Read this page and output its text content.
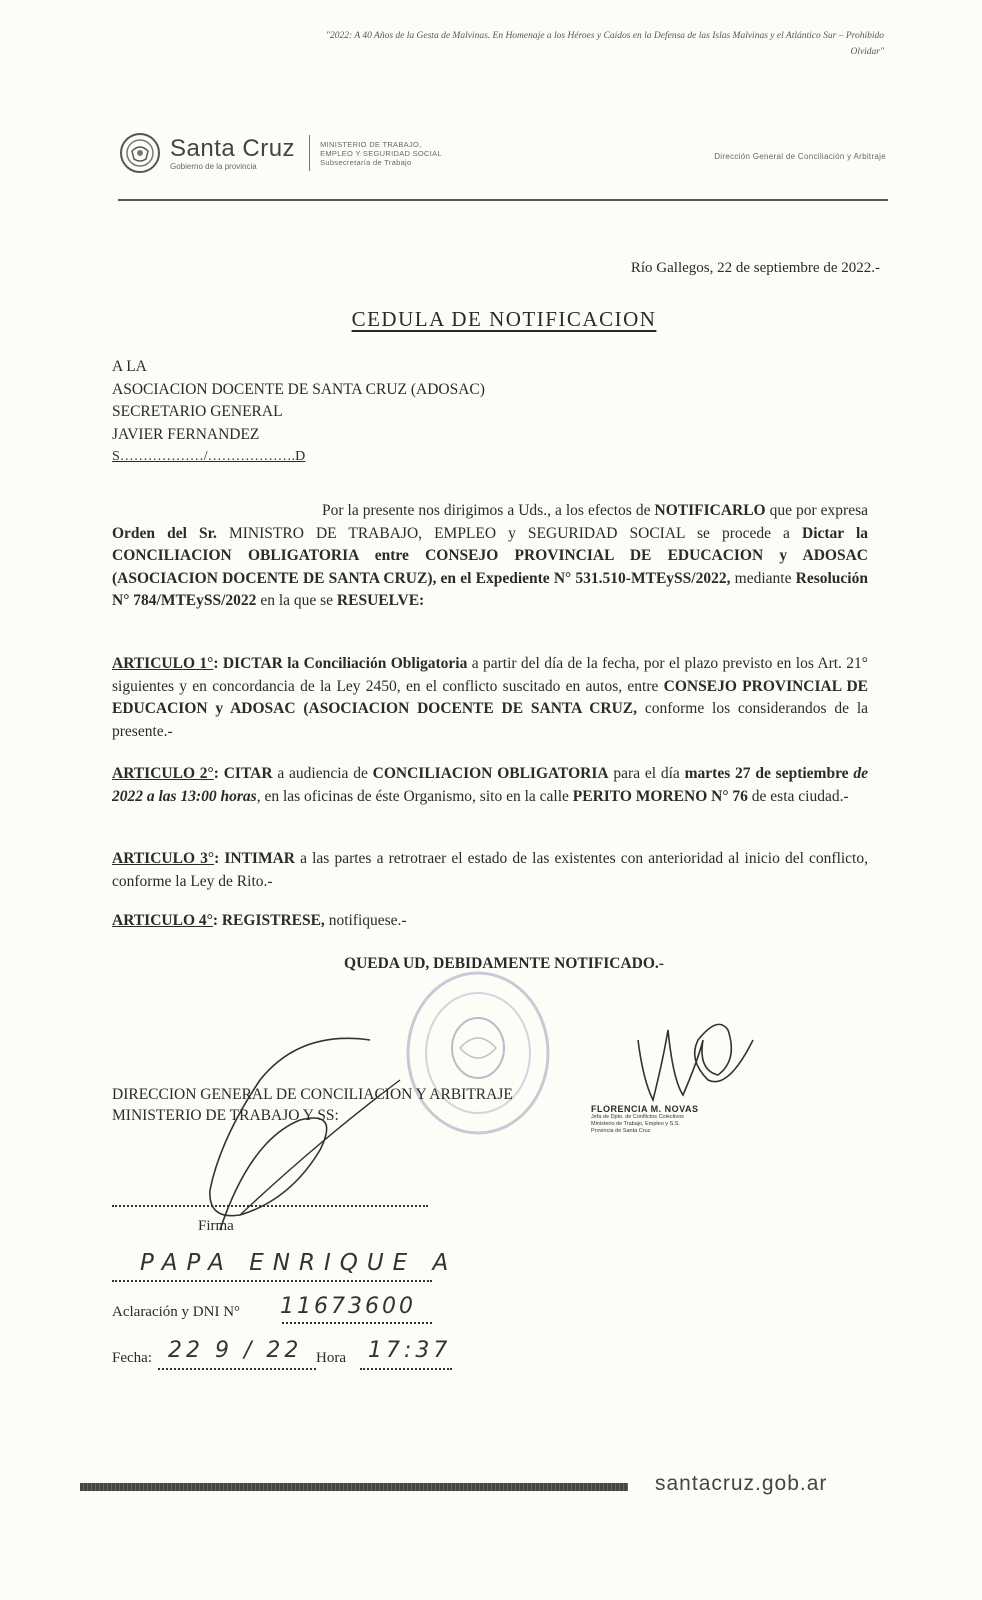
"2022: A 40 Años de la Gesta de Malvinas. En Homenaje a los Héroes y Caídos en la Defensa de las Islas Malvinas y el Atlántico Sur – Prohibido Olvidar"
Santa Cruz
Gobierno de la provincia
MINISTERIO DE TRABAJO,
EMPLEO Y SEGURIDAD SOCIAL
Subsecretaría de Trabajo
Dirección General de Conciliación y Arbitraje
Río Gallegos, 22 de septiembre de 2022.-
CEDULA DE NOTIFICACION
A LA
ASOCIACION DOCENTE DE SANTA CRUZ (ADOSAC)
SECRETARIO GENERAL
JAVIER FERNANDEZ
S………………/……………….D
Por la presente nos dirigimos a Uds., a los efectos de NOTIFICARLO que por expresa Orden del Sr. MINISTRO DE TRABAJO, EMPLEO y SEGURIDAD SOCIAL se procede a Dictar la CONCILIACION OBLIGATORIA entre CONSEJO PROVINCIAL DE EDUCACION y ADOSAC (ASOCIACION DOCENTE DE SANTA CRUZ), en el Expediente N° 531.510-MTEySS/2022, mediante Resolución N° 784/MTEySS/2022 en la que se RESUELVE:
ARTICULO 1°: DICTAR la Conciliación Obligatoria a partir del día de la fecha, por el plazo previsto en los Art. 21° siguientes y en concordancia de la Ley 2450, en el conflicto suscitado en autos, entre CONSEJO PROVINCIAL DE EDUCACION y ADOSAC (ASOCIACION DOCENTE DE SANTA CRUZ, conforme los considerandos de la presente.-
ARTICULO 2°: CITAR a audiencia de CONCILIACION OBLIGATORIA para el día martes 27 de septiembre de 2022 a las 13:00 horas, en las oficinas de éste Organismo, sito en la calle PERITO MORENO N° 76 de esta ciudad.-
ARTICULO 3°: INTIMAR a las partes a retrotraer el estado de las existentes con anterioridad al inicio del conflicto, conforme la Ley de Rito.-
ARTICULO 4°: REGISTRESE, notifiquese.-
QUEDA UD, DEBIDAMENTE NOTIFICADO.-
DIRECCION GENERAL DE CONCILIACION Y ARBITRAJE
MINISTERIO DE TRABAJO Y SS:	FLORENCIA M. NOVAS
Jefa de Dpto. de Conflictos Colectivos
Ministerio de Trabajo, Empleo y S.S.
Provincia de Santa Cruz
Firma
PAPA ENRIQUE A
Aclaración y DNI N° 11673600
Fecha: 22 9 / 22 Hora 17:37
santacruz.gob.ar
